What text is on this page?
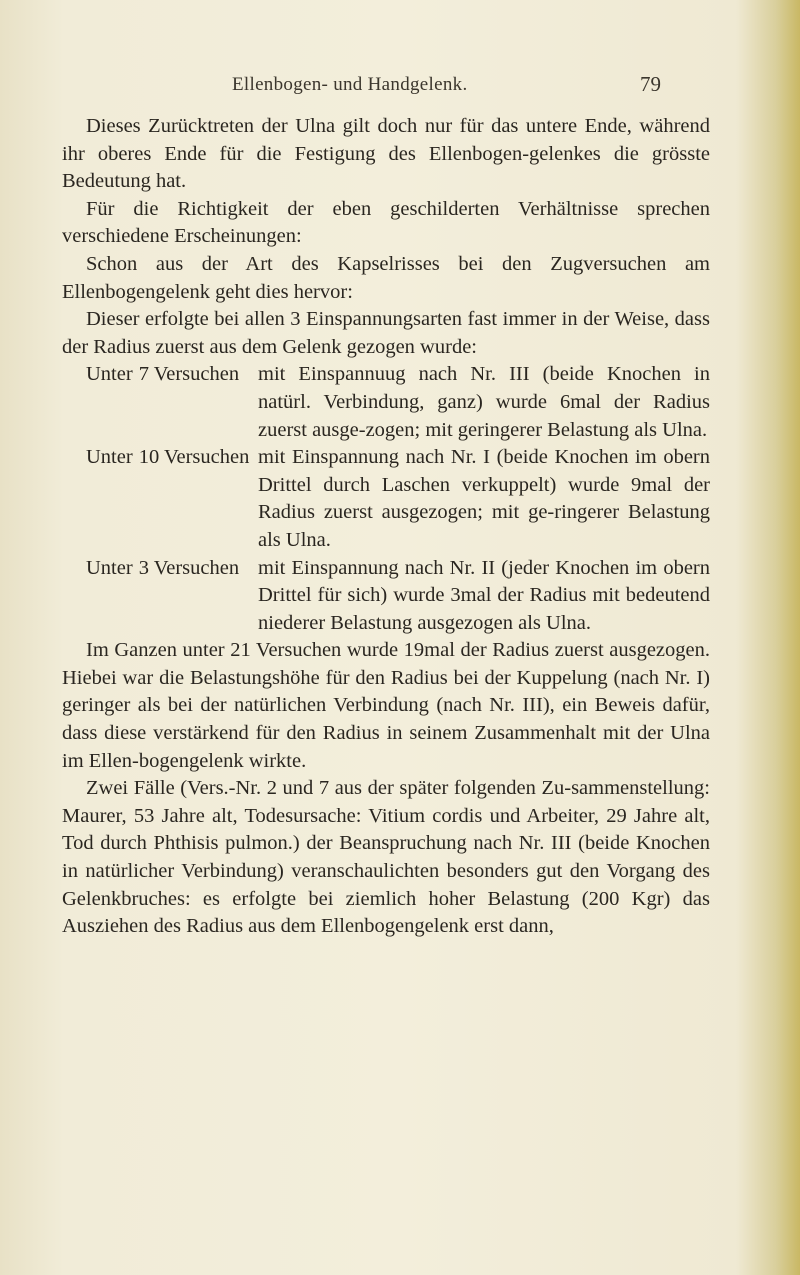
Ellenbogen- und Handgelenk.	79

Dieses Zurücktreten der Ulna gilt doch nur für das untere Ende, während ihr oberes Ende für die Festigung des Ellenbogen-gelenkes die grösste Bedeutung hat.

Für die Richtigkeit der eben geschilderten Verhältnisse sprechen verschiedene Erscheinungen:

Schon aus der Art des Kapselrisses bei den Zugversuchen am Ellenbogengelenk geht dies hervor:

Dieser erfolgte bei allen 3 Einspannungsarten fast immer in der Weise, dass der Radius zuerst aus dem Gelenk gezogen wurde:

Unter 7 Versuchen mit Einspannuug nach Nr. III (beide Knochen in natürl. Verbindung, ganz) wurde 6mal der Radius zuerst ausge-zogen; mit geringerer Belastung als Ulna.
Unter 10 Versuchen mit Einspannung nach Nr. I (beide Knochen im obern Drittel durch Laschen verkuppelt) wurde 9mal der Radius zuerst ausgezogen; mit ge-ringerer Belastung als Ulna.
Unter 3 Versuchen mit Einspannung nach Nr. II (jeder Knochen im obern Drittel für sich) wurde 3mal der Radius mit bedeutend niederer Belastung ausgezogen als Ulna.

Im Ganzen unter 21 Versuchen wurde 19mal der Radius zuerst ausgezogen. Hiebei war die Belastungshöhe für den Radius bei der Kuppelung (nach Nr. I) geringer als bei der natürlichen Verbindung (nach Nr. III), ein Beweis dafür, dass diese verstärkend für den Radius in seinem Zusammenhalt mit der Ulna im Ellen-bogengelenk wirkte.

Zwei Fälle (Vers.-Nr. 2 und 7 aus der später folgenden Zu-sammenstellung: Maurer, 53 Jahre alt, Todesursache: Vitium cordis und Arbeiter, 29 Jahre alt, Tod durch Phthisis pulmon.) der Beanspruchung nach Nr. III (beide Knochen in natürlicher Verbindung) veranschaulichten besonders gut den Vorgang des Gelenkbruches: es erfolgte bei ziemlich hoher Belastung (200 Kgr) das Ausziehen des Radius aus dem Ellenbogengelenk erst dann,
